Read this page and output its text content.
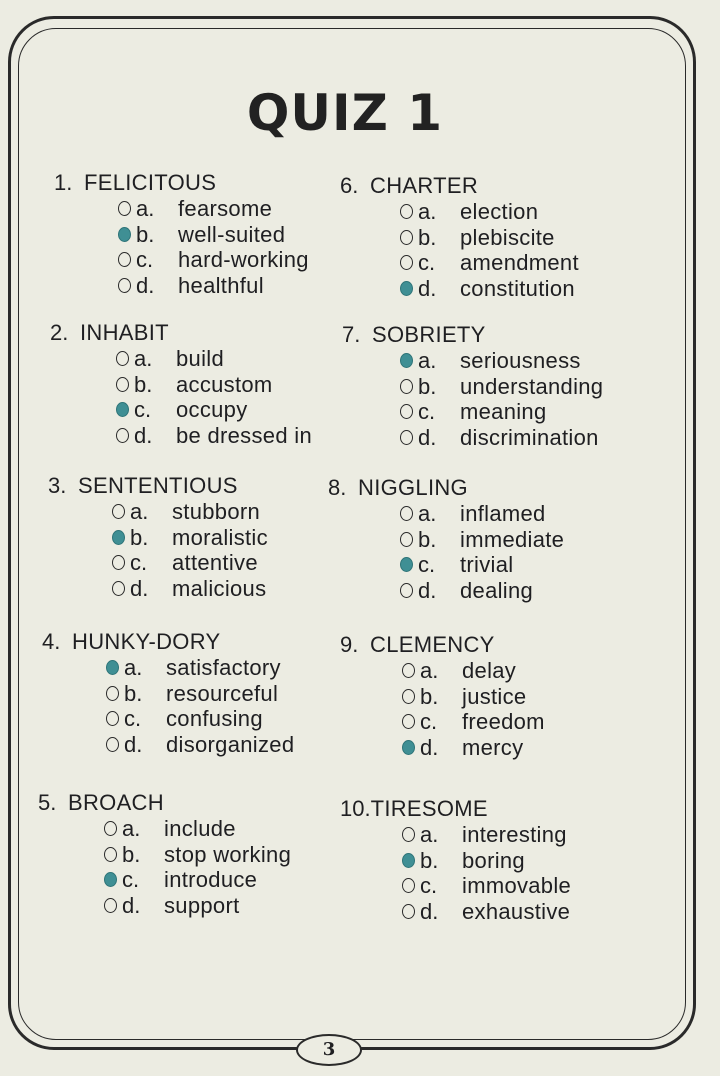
QUIZ 1
1. FELICITOUS
a. fearsome
b. well-suited
c. hard-working
d. healthful
2. INHABIT
a. build
b. accustom
c. occupy
d. be dressed in
3. SENTENTIOUS
a. stubborn
b. moralistic
c. attentive
d. malicious
4. HUNKY-DORY
a. satisfactory
b. resourceful
c. confusing
d. disorganized
5. BROACH
a. include
b. stop working
c. introduce
d. support
6. CHARTER
a. election
b. plebiscite
c. amendment
d. constitution
7. SOBRIETY
a. seriousness
b. understanding
c. meaning
d. discrimination
8. NIGGLING
a. inflamed
b. immediate
c. trivial
d. dealing
9. CLEMENCY
a. delay
b. justice
c. freedom
d. mercy
10.TIRESOME
a. interesting
b. boring
c. immovable
d. exhaustive
3
